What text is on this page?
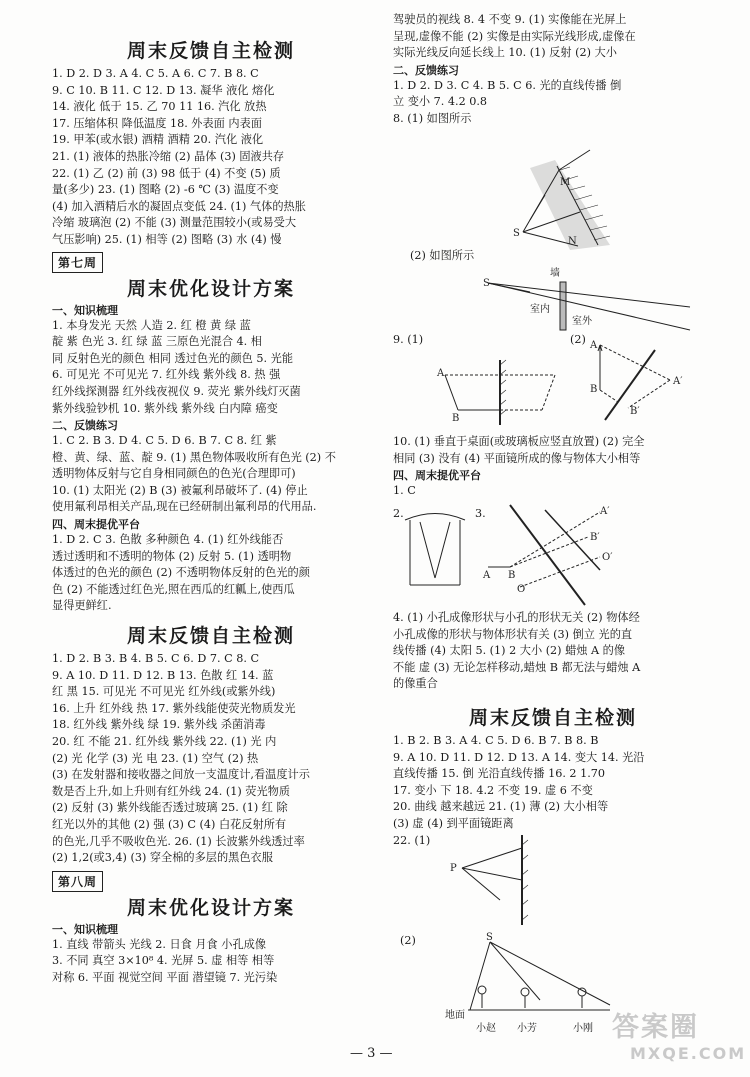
周末反馈自主检测
1. D 2. D 3. A 4. C 5. A 6. C 7. B 8. C
9. C 10. B 11. C 12. D 13. 凝华 液化 熔化
14. 液化 低于 15. 乙 70 11 16. 汽化 放热
17. 压缩体积 降低温度 18. 外表面 内表面
19. 甲苯(或水银) 酒精 酒精 20. 汽化 液化
21. (1) 液体的热胀冷缩 (2) 晶体 (3) 固液共存
22. (1) 乙 (2) 前 (3) 98 低于 (4) 不变 (5) 质
量(多少) 23. (1) 图略 (2) -6 ℃ (3) 温度不变
(4) 加入酒精后水的凝固点变低 24. (1) 气体的热胀
冷缩 玻璃泡 (2) 不能 (3) 测量范围较小(或易受大
气压影响) 25. (1) 相等 (2) 图略 (3) 水 (4) 慢
第七周
周末优化设计方案
一、知识梳理
1. 本身发光 天然 人造 2. 红 橙 黄 绿 蓝
靛 紫 色光 3. 红 绿 蓝 三原色光混合 4. 相
同 反射色光的颜色 相同 透过色光的颜色 5. 光能
6. 可见光 不可见光 7. 红外线 紫外线 8. 热 强
红外线探测器 红外线夜视仪 9. 荧光 紫外线灯灭菌
紫外线验钞机 10. 紫外线 紫外线 白内障 癌变
二、反馈练习
1. C 2. B 3. D 4. C 5. D 6. B 7. C 8. 红 紫
橙、黄、绿、蓝、靛 9. (1) 黑色物体吸收所有色光 (2) 不
透明物体反射与它自身相同颜色的色光(合理即可)
10. (1) 太阳光 (2) B (3) 被氟利昂破坏了. (4) 停止
使用氟利昂相关产品,现在已经研制出氟利昂的代用品.
四、周末提优平台
1. D 2. C 3. 色散 多种颜色 4. (1) 红外线能否
透过透明和不透明的物体 (2) 反射 5. (1) 透明物
体透过的色光的颜色 (2) 不透明物体反射的色光的颜
色 (2) 不能透过红色光,照在西瓜的红瓤上,使西瓜
显得更鲜红.
周末反馈自主检测
1. D 2. B 3. B 4. B 5. C 6. D 7. C 8. C
9. A 10. D 11. D 12. B 13. 色散 红 14. 蓝
红 黑 15. 可见光 不可见光 红外线(或紫外线)
16. 上升 红外线 热 17. 紫外线能使荧光物质发光
18. 红外线 紫外线 绿 19. 紫外线 杀菌消毒
20. 红 不能 21. 红外线 紫外线 22. (1) 光 内
(2) 光 化学 (3) 光 电 23. (1) 空气 (2) 热
(3) 在发射器和接收器之间放一支温度计,看温度计示
数是否上升,如上升则有红外线 24. (1) 荧光物质
(2) 反射 (3) 紫外线能否透过玻璃 25. (1) 红 除
红光以外的其他 (2) 强 (3) C (4) 白花反射所有
的色光,几乎不吸收色光. 26. (1) 长波紫外线透过率
(2) 1,2(或3,4) (3) 穿全棉的多层的黑色衣服
第八周
周末优化设计方案
一、知识梳理
1. 直线 带箭头 光线 2. 日食 月食 小孔成像
3. 不同 真空 3×10⁸ 4. 光屏 5. 虚 相等 相等
对称 6. 平面 视觉空间 平面 潜望镜 7. 光污染
驾驶员的视线 8. 4 不变 9. (1) 实像能在光屏上
呈现,虚像不能 (2) 实像是由实际光线形成,虚像在
实际光线反向延长线上 10. (1) 反射 (2) 大小
二、反馈练习
1. D 2. D 3. C 4. B 5. C 6. 光的直线传播 倒
立 变小 7. 4.2 0.8
8. (1) 如图所示
(2) 如图所示
9. (1)	(2)
10. (1) 垂直于桌面(或玻璃板应竖直放置) (2) 完全
相同 (3) 没有 (4) 平面镜所成的像与物体大小相等
四、周末提优平台
1. C
2.	3.
4. (1) 小孔成像形状与小孔的形状无关 (2) 物体经
小孔成像的形状与物体形状有关 (3) 倒立 光的直
线传播 (4) 太阳 5. (1) 2 大小 (2) 蜡烛 A 的像
不能 虚 (3) 无论怎样移动,蜡烛 B 都无法与蜡烛 A
的像重合
周末反馈自主检测
1. B 2. B 3. A 4. C 5. D 6. B 7. B 8. B
9. A 10. D 11. D 12. D 13. A 14. 变大 14. 光沿
直线传播 15. 倒 光沿直线传播 16. 2 1.70
17. 变小 下 18. 4.2 不变 19. 虚 6 不变
20. 曲线 越来越远 21. (1) 薄 (2) 大小相等
(3) 虚 (4) 到平面镜距离
22. (1)
(2)
S
M
N
S
墙
室内
室外
A
B
A
B
A′
B′
A B
O
A′
B′
O′
P
S
地面
小赵 小芳	小刚
— 3 —
答案圈
MXQE.COM
